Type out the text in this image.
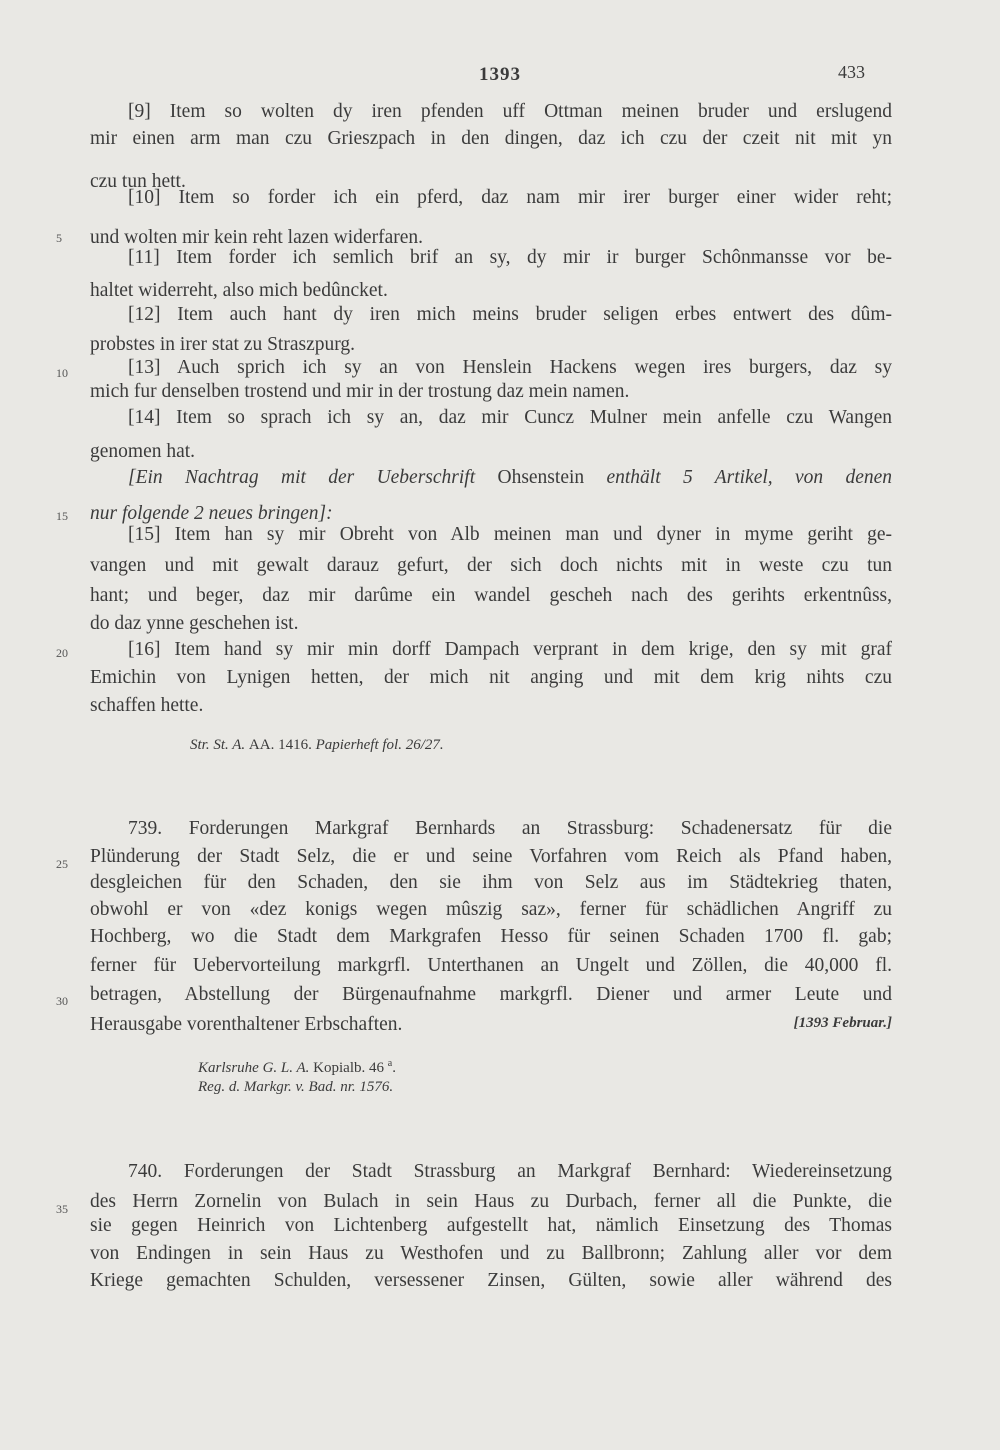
1393	433
5
10
15
20
25
30
35
[9] Item so wolten dy iren pfenden uff Ottman meinen bruder und erslugend
mir einen arm man czu Grieszpach in den dingen, daz ich czu der czeit nit mit yn
czu tun hett.
[10] Item so forder ich ein pferd, daz nam mir irer burger einer wider reht;
und wolten mir kein reht lazen widerfaren.
[11] Item forder ich semlich brif an sy, dy mir ir burger Schônmansse vor be-
haltet widerreht, also mich bedûncket.
[12] Item auch hant dy iren mich meins bruder seligen erbes entwert des dûm-
probstes in irer stat zu Straszpurg.
[13] Auch sprich ich sy an von Henslein Hackens wegen ires burgers, daz sy
mich fur denselben trostend und mir in der trostung daz mein namen.
[14] Item so sprach ich sy an, daz mir Cuncz Mulner mein anfelle czu Wangen
genomen hat.
[Ein Nachtrag mit der Ueberschrift Ohsenstein enthält 5 Artikel, von denen
nur folgende 2 neues bringen]:
[15] Item han sy mir Obreht von Alb meinen man und dyner in myme geriht ge-
vangen und mit gewalt darauz gefurt, der sich doch nichts mit in weste czu tun
hant; und beger, daz mir darûme ein wandel gescheh nach des gerihts erkentnûss,
do daz ynne geschehen ist.
[16] Item hand sy mir min dorff Dampach verprant in dem krige, den sy mit graf
Emichin von Lynigen hetten, der mich nit anging und mit dem krig nihts czu
schaffen hette.
Str. St. A. AA. 1416. Papierheft fol. 26/27.
739. Forderungen Markgraf Bernhards an Strassburg: Schadenersatz für die
Plünderung der Stadt Selz, die er und seine Vorfahren vom Reich als Pfand haben,
desgleichen für den Schaden, den sie ihm von Selz aus im Städtekrieg thaten,
obwohl er von «dez konigs wegen mûszig saz», ferner für schädlichen Angriff zu
Hochberg, wo die Stadt dem Markgrafen Hesso für seinen Schaden 1700 fl. gab;
ferner für Uebervorteilung markgrfl. Unterthanen an Ungelt und Zöllen, die 40,000 fl.
betragen, Abstellung der Bürgenaufnahme markgrfl. Diener und armer Leute und
Herausgabe vorenthaltener Erbschaften.	[1393 Februar.]
Karlsruhe G. L. A. Kopialb. 46 $^a$.
Reg. d. Markgr. v. Bad. nr. 1576.
740. Forderungen der Stadt Strassburg an Markgraf Bernhard: Wiedereinsetzung
des Herrn Zornelin von Bulach in sein Haus zu Durbach, ferner all die Punkte, die
sie gegen Heinrich von Lichtenberg aufgestellt hat, nämlich Einsetzung des Thomas
von Endingen in sein Haus zu Westhofen und zu Ballbronn; Zahlung aller vor dem
Kriege gemachten Schulden, versessener Zinsen, Gülten, sowie aller während des
